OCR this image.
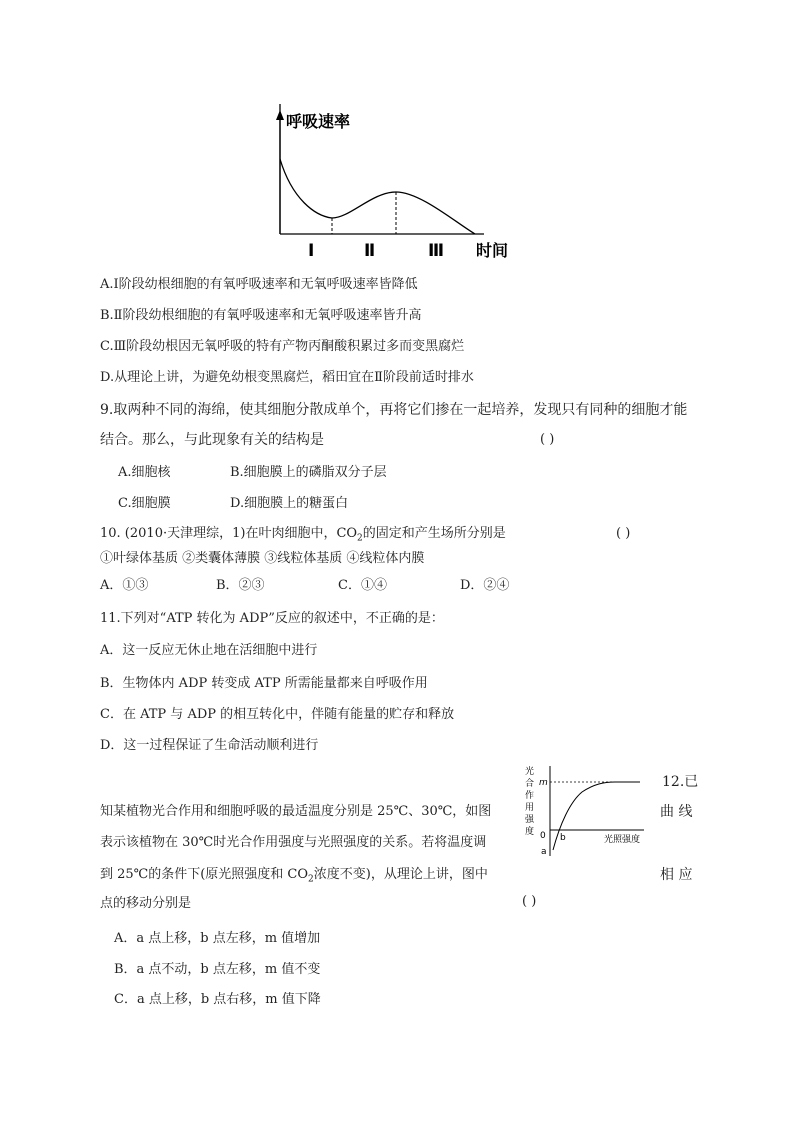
呼吸速率
Ⅰ	Ⅱ	Ⅲ 时间
A.Ⅰ阶段幼根细胞的有氧呼吸速率和无氧呼吸速率皆降低
B.Ⅱ阶段幼根细胞的有氧呼吸速率和无氧呼吸速率皆升高
C.Ⅲ阶段幼根因无氧呼吸的特有产物丙酮酸积累过多而变黑腐烂
D.从理论上讲，为避免幼根变黑腐烂，稻田宜在Ⅱ阶段前适时排水
9.取两种不同的海绵，使其细胞分散成单个，再将它们掺在一起培养，发现只有同种的细胞才能
结合。那么，与此现象有关的结构是	( )
A.细胞核	B.细胞膜上的磷脂双分子层
C.细胞膜	D.细胞膜上的糖蛋白
10. (2010·天津理综，1)在叶肉细胞中，$CO_2$的固定和产生场所分别是	( )
①叶绿体基质 ②类囊体薄膜 ③线粒体基质 ④线粒体内膜
A．①③	B．②③	C．①④	D．②④
11.下列对“ATP 转化为 ADP”反应的叙述中，不正确的是：
A．这一反应无休止地在活细胞中进行
B．生物体内 ADP 转变成 ATP 所需能量都来自呼吸作用
C．在 ATP 与 ADP 的相互转化中，伴随有能量的贮存和释放
D．这一过程保证了生命活动顺利进行
光
合
作
用
强
度
m
0
a
b	光照强度
12.已
知某植物光合作用和细胞呼吸的最适温度分别是 25℃、30℃，如图	曲 线
表示该植物在 30℃时光合作用强度与光照强度的关系。若将温度调
到 25℃的条件下(原光照强度和 $CO_2$浓度不变)，从理论上讲，图中	相 应
点的移动分别是	( )
A．a 点上移，b 点左移，m 值增加
B．a 点不动，b 点左移，m 值不变
C．a 点上移，b 点右移，m 值下降
